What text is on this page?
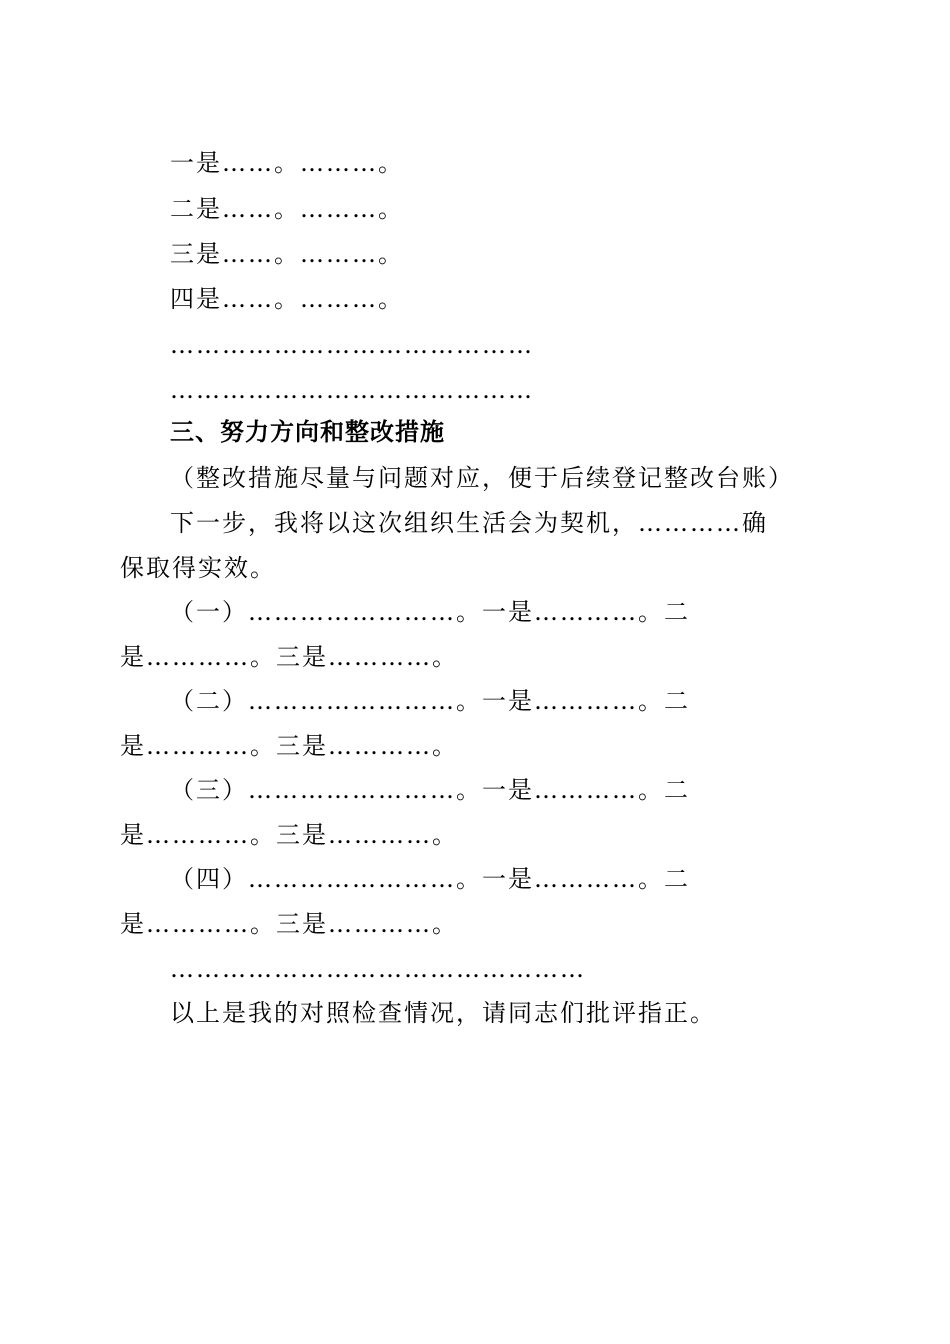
一是……。………。
二是……。………。
三是……。………。
四是……。………。
……………………………………
……………………………………
三、努力方向和整改措施
（整改措施尽量与问题对应，便于后续登记整改台账）
下一步，我将以这次组织生活会为契机，…………确
保取得实效。
（一）……………………。一是…………。二
是…………。三是…………。
（二）……………………。一是…………。二
是…………。三是…………。
（三）……………………。一是…………。二
是…………。三是…………。
（四）……………………。一是…………。二
是…………。三是…………。
…………………………………………
以上是我的对照检查情况，请同志们批评指正。
